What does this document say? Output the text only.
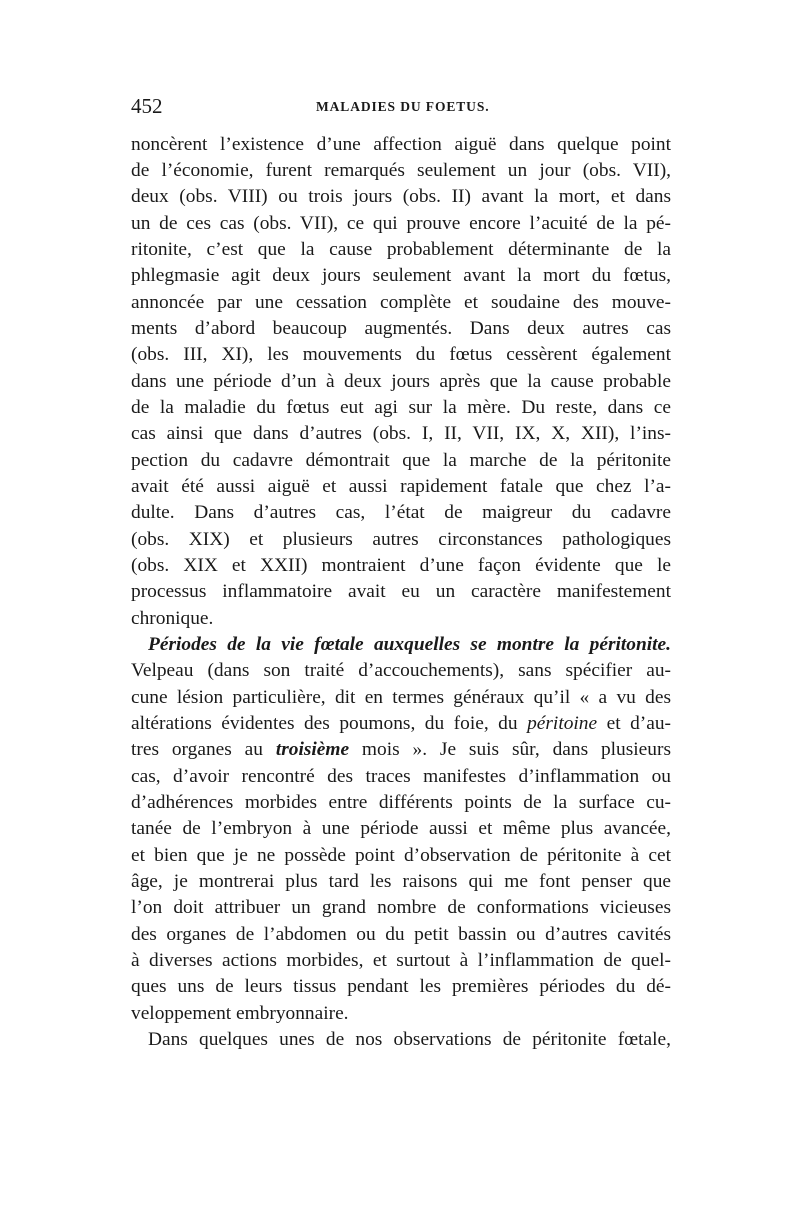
452	MALADIES DU FOETUS.
noncèrent l’existence d’une affection aiguë dans quelque point
de l’économie, furent remarqués seulement un jour (obs. VII),
deux (obs. VIII) ou trois jours (obs. II) avant la mort, et dans
un de ces cas (obs. VII), ce qui prouve encore l’acuité de la pé-
ritonite, c’est que la cause probablement déterminante de la
phlegmasie agit deux jours seulement avant la mort du fœtus,
annoncée par une cessation complète et soudaine des mouve-
ments d’abord beaucoup augmentés. Dans deux autres cas
(obs. III, XI), les mouvements du fœtus cessèrent également
dans une période d’un à deux jours après que la cause probable
de la maladie du fœtus eut agi sur la mère. Du reste, dans ce
cas ainsi que dans d’autres (obs. I, II, VII, IX, X, XII), l’ins-
pection du cadavre démontrait que la marche de la péritonite
avait été aussi aiguë et aussi rapidement fatale que chez l’a-
dulte. Dans d’autres cas, l’état de maigreur du cadavre
(obs. XIX) et plusieurs autres circonstances pathologiques
(obs. XIX et XXII) montraient d’une façon évidente que le
processus inflammatoire avait eu un caractère manifestement
chronique.
Périodes de la vie fœtale auxquelles se montre la péritonite.
Velpeau (dans son traité d’accouchements), sans spécifier au-
cune lésion particulière, dit en termes généraux qu’il « a vu des
altérations évidentes des poumons, du foie, du péritoine et d’au-
tres organes au troisième mois ». Je suis sûr, dans plusieurs
cas, d’avoir rencontré des traces manifestes d’inflammation ou
d’adhérences morbides entre différents points de la surface cu-
tanée de l’embryon à une période aussi et même plus avancée,
et bien que je ne possède point d’observation de péritonite à cet
âge, je montrerai plus tard les raisons qui me font penser que
l’on doit attribuer un grand nombre de conformations vicieuses
des organes de l’abdomen ou du petit bassin ou d’autres cavités
à diverses actions morbides, et surtout à l’inflammation de quel-
ques uns de leurs tissus pendant les premières périodes du dé-
veloppement embryonnaire.
Dans quelques unes de nos observations de péritonite fœtale,
